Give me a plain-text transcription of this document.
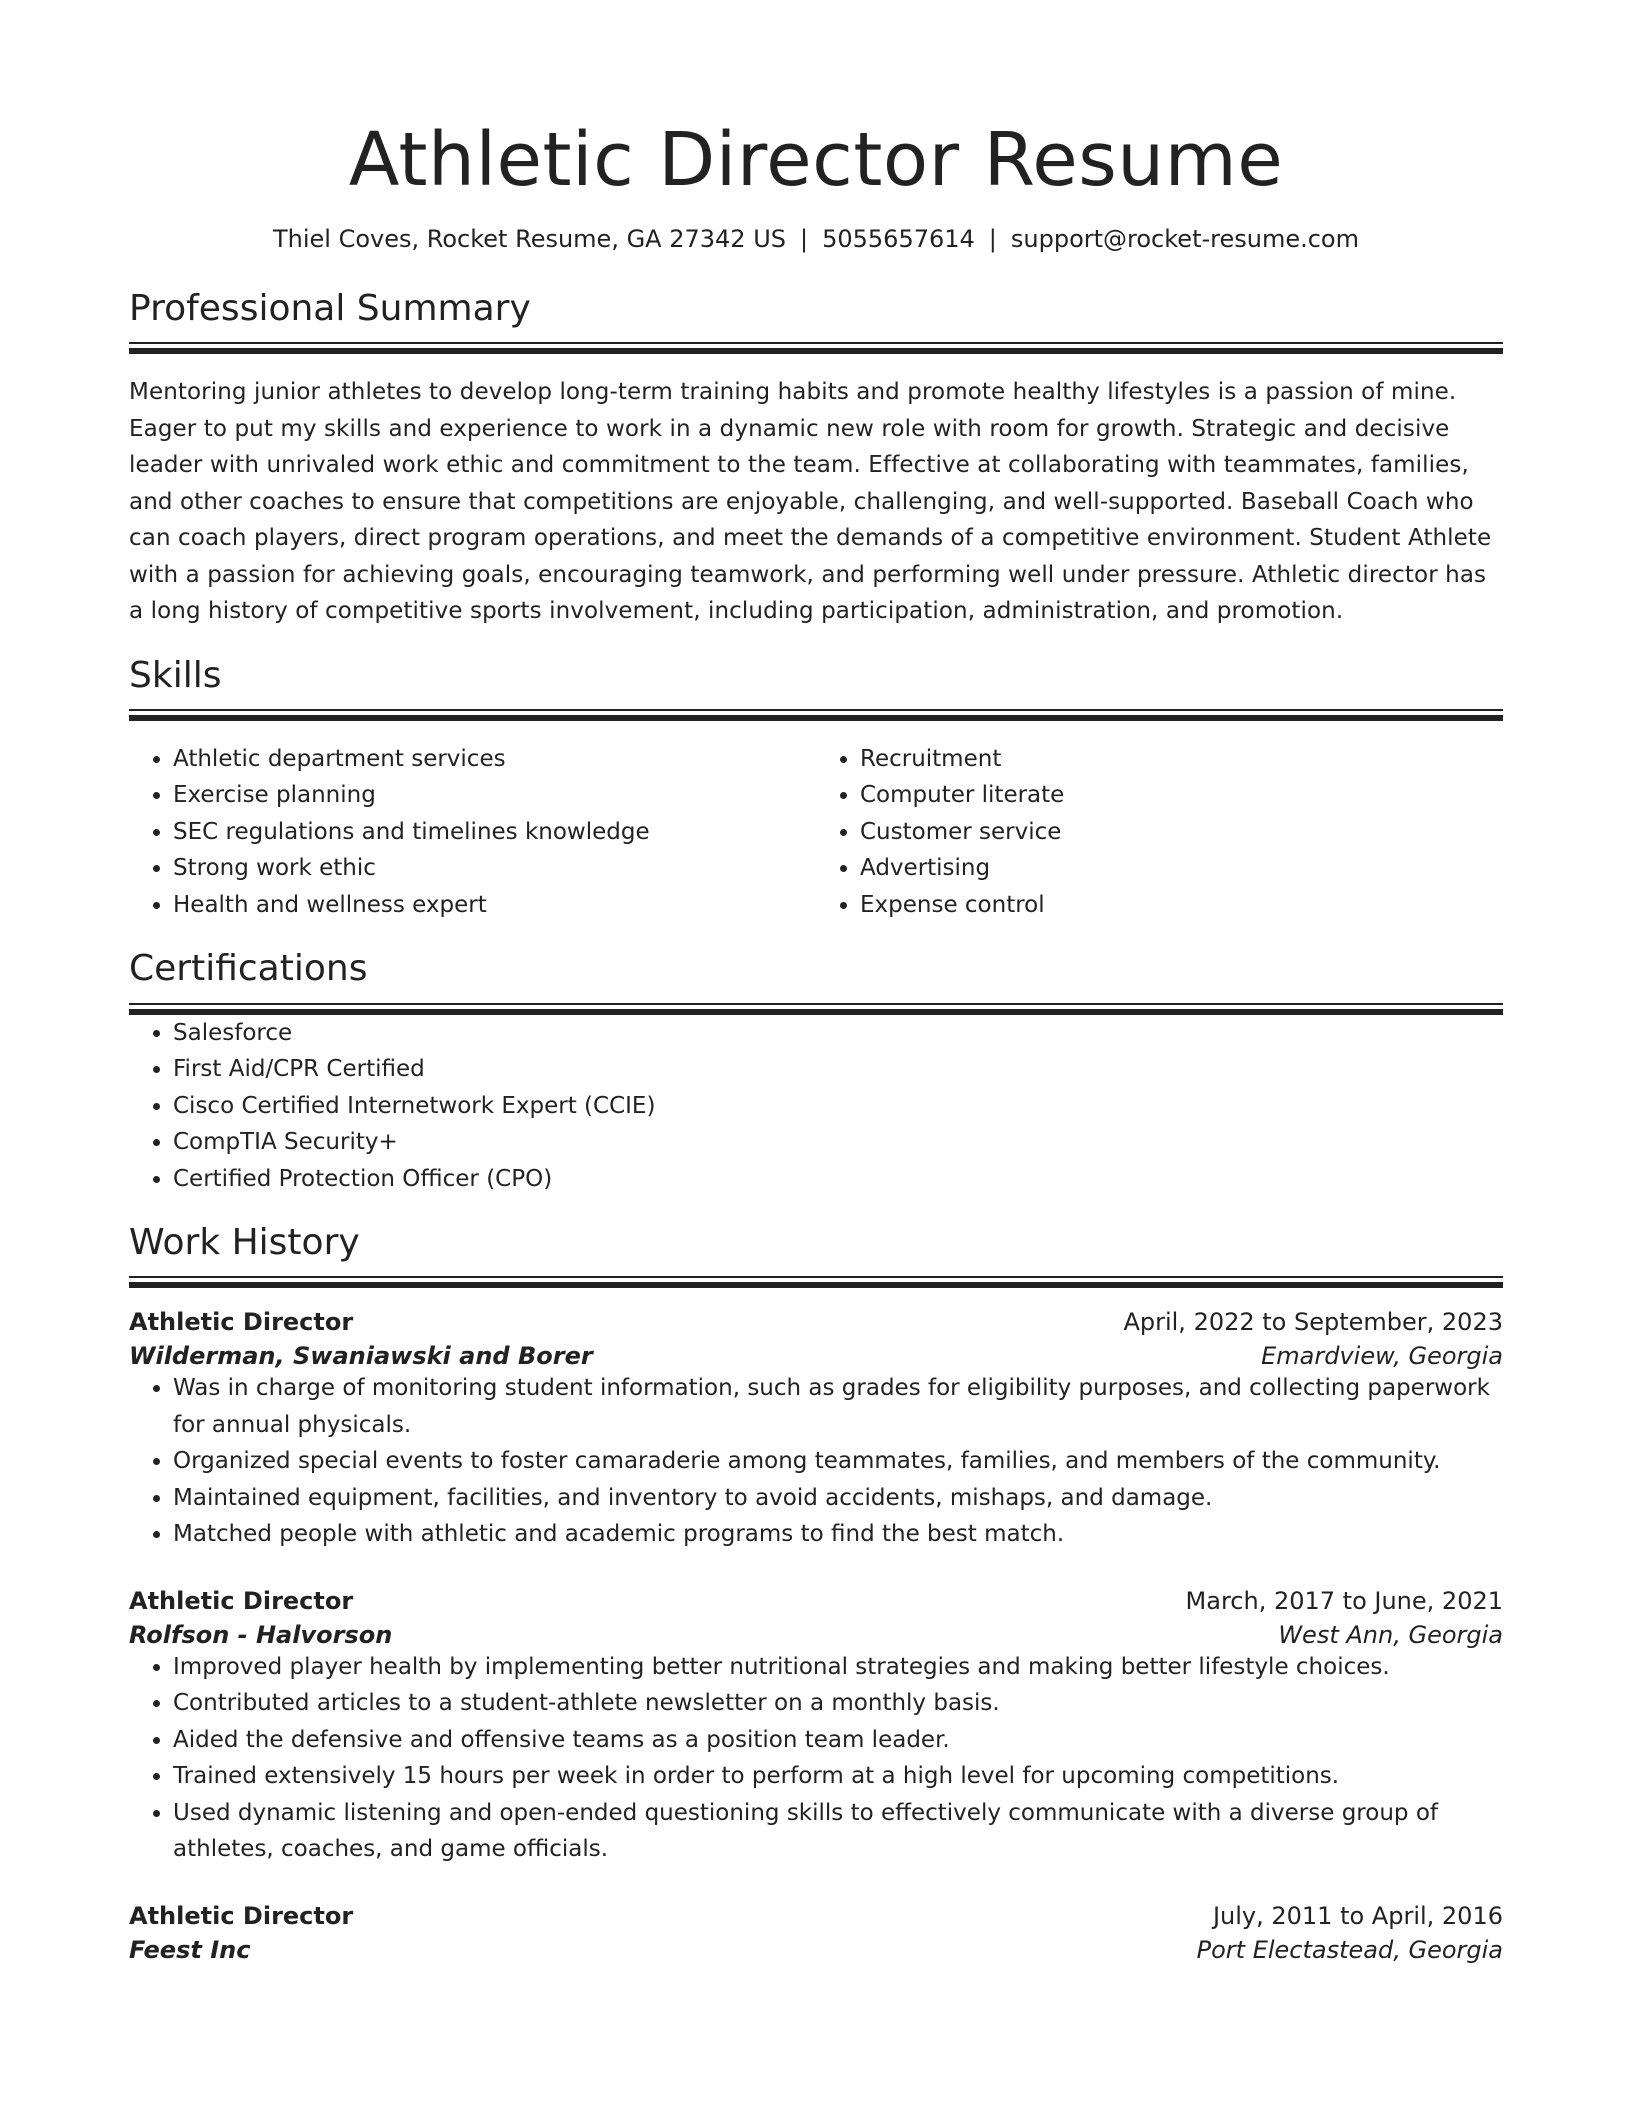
Athletic Director Resume
Thiel Coves, Rocket Resume, GA 27342 US | 5055657614 | support@rocket-resume.com
Professional Summary

Mentoring junior athletes to develop long-term training habits and promote healthy lifestyles is a passion of mine. Eager to put my skills and experience to work in a dynamic new role with room for growth. Strategic and decisive leader with unrivaled work ethic and commitment to the team. Effective at collaborating with teammates, families, and other coaches to ensure that competitions are enjoyable, challenging, and well-supported. Baseball Coach who can coach players, direct program operations, and meet the demands of a competitive environment. Student Athlete with a passion for achieving goals, encouraging teamwork, and performing well under pressure. Athletic director has a long history of competitive sports involvement, including participation, administration, and promotion.

Skills
• Athletic department services
• Exercise planning
• SEC regulations and timelines knowledge
• Strong work ethic
• Health and wellness expert
• Recruitment
• Computer literate
• Customer service
• Advertising
• Expense control
Certifications
• Salesforce
• First Aid/CPR Certified
• Cisco Certified Internetwork Expert (CCIE)
• CompTIA Security+
• Certified Protection Officer (CPO)
Work History
Athletic Director	April, 2022 to September, 2023
Wilderman, Swaniawski and Borer	Emardview, Georgia
• Was in charge of monitoring student information, such as grades for eligibility purposes, and collecting paperwork for annual physicals.
• Organized special events to foster camaraderie among teammates, families, and members of the community.
• Maintained equipment, facilities, and inventory to avoid accidents, mishaps, and damage.
• Matched people with athletic and academic programs to find the best match.
Athletic Director	March, 2017 to June, 2021
Rolfson - Halvorson	West Ann, Georgia
• Improved player health by implementing better nutritional strategies and making better lifestyle choices.
• Contributed articles to a student-athlete newsletter on a monthly basis.
• Aided the defensive and offensive teams as a position team leader.
• Trained extensively 15 hours per week in order to perform at a high level for upcoming competitions.
• Used dynamic listening and open-ended questioning skills to effectively communicate with a diverse group of athletes, coaches, and game officials.
Athletic Director	July, 2011 to April, 2016
Feest Inc	Port Electastead, Georgia
